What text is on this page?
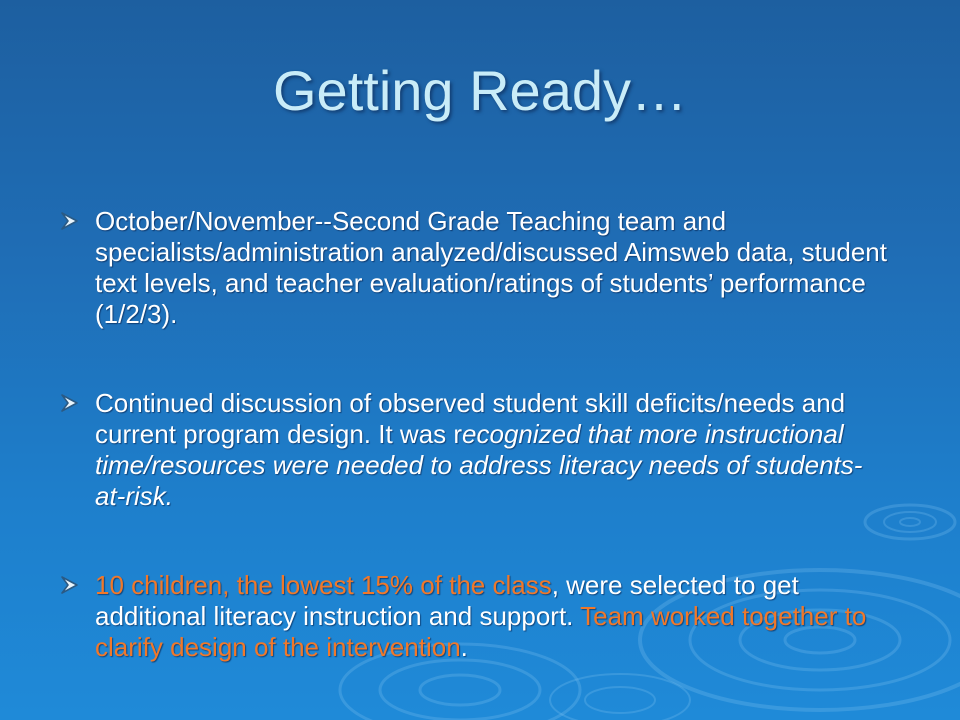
Getting Ready…
October/November--Second Grade Teaching team and specialists/administration analyzed/discussed Aimsweb data, student text levels, and teacher evaluation/ratings of students’ performance (1/2/3).
Continued discussion of observed student skill deficits/needs and current program design. It was recognized that more instructional time/resources were needed to address literacy needs of students-at-risk.
10 children, the lowest 15% of the class, were selected to get additional literacy instruction and support. Team worked together to clarify design of the intervention.
